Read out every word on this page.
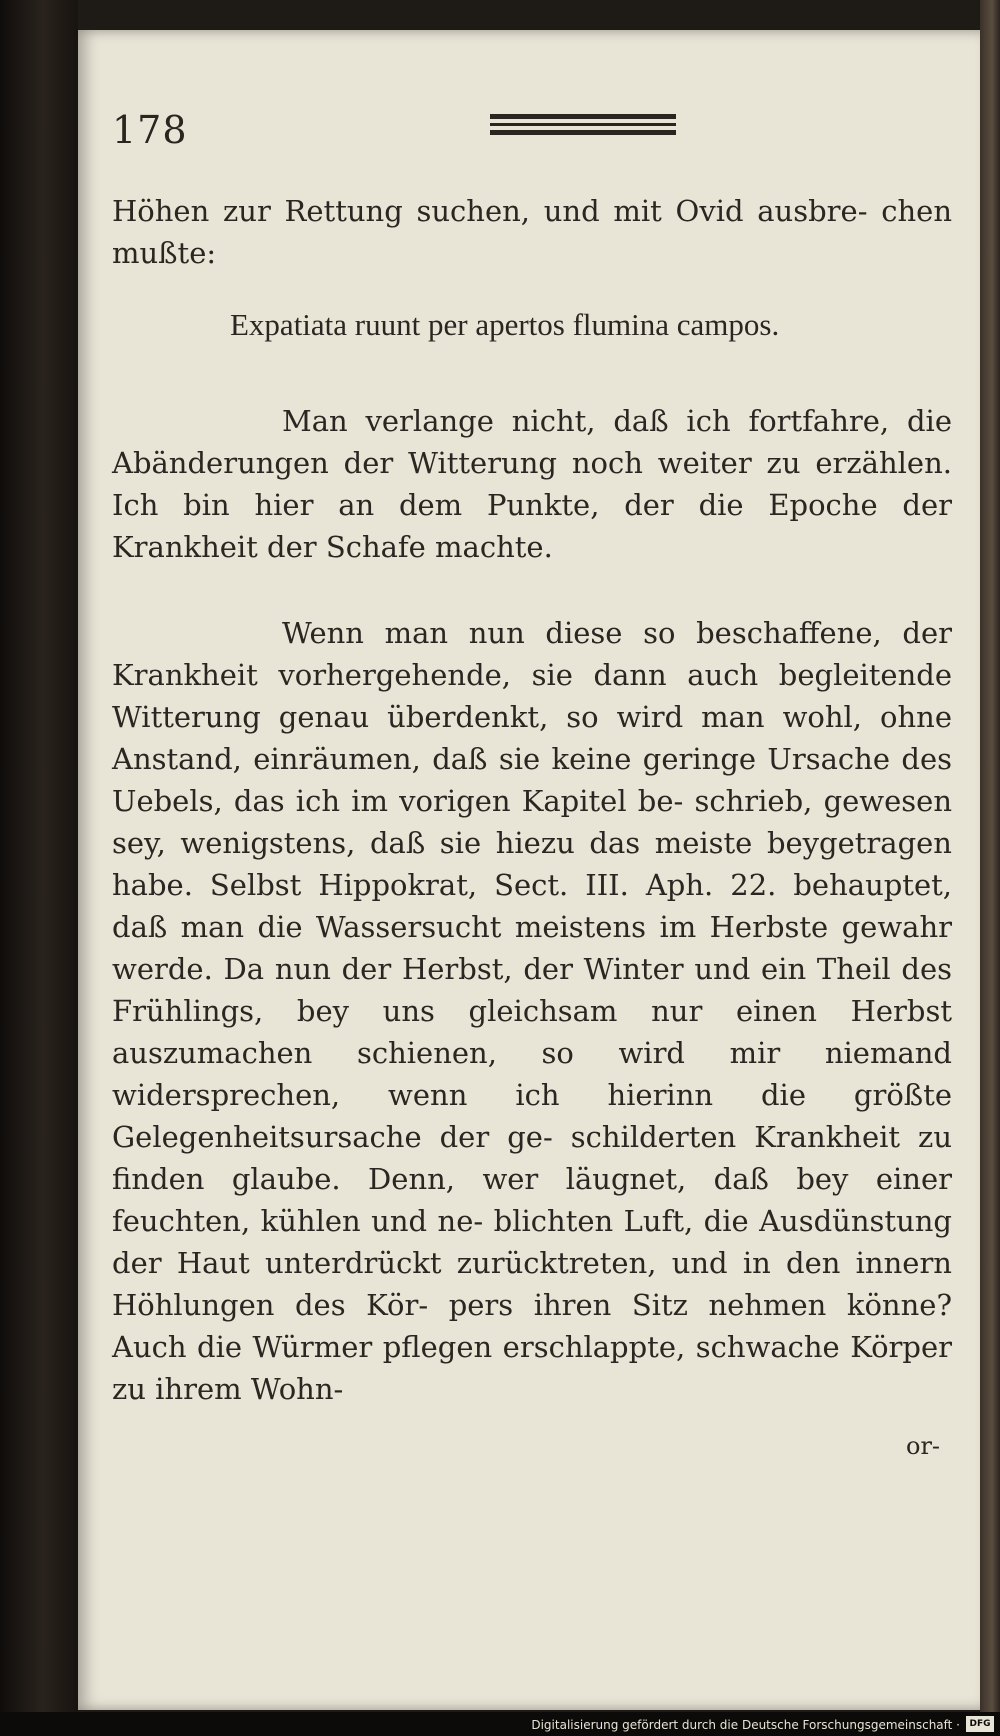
178

Höhen zur Rettung suchen, und mit Ovid ausbre- chen mußte:

Expatiata ruunt per apertos flumina campos.

Man verlange nicht, daß ich fortfahre, die Abänderungen der Witterung noch weiter zu erzählen. Ich bin hier an dem Punkte, der die Epoche der Krankheit der Schafe machte.

Wenn man nun diese so beschaffene, der Krankheit vorhergehende, sie dann auch begleitende Witterung genau überdenkt, so wird man wohl, ohne Anstand, einräumen, daß sie keine geringe Ursache des Uebels, das ich im vorigen Kapitel be- schrieb, gewesen sey, wenigstens, daß sie hiezu das meiste beygetragen habe. Selbst Hippokrat, Sect. III. Aph. 22. behauptet, daß man die Wassersucht meistens im Herbste gewahr werde. Da nun der Herbst, der Winter und ein Theil des Frühlings, bey uns gleichsam nur einen Herbst auszumachen schienen, so wird mir niemand widersprechen, wenn ich hierinn die größte Gelegenheitsursache der ge- schilderten Krankheit zu finden glaube. Denn, wer läugnet, daß bey einer feuchten, kühlen und ne- blichten Luft, die Ausdünstung der Haut unterdrückt zurücktreten, und in den innern Höhlungen des Kör- pers ihren Sitz nehmen könne? Auch die Würmer pflegen erschlappte, schwache Körper zu ihrem Wohn-

or-
Digitalisierung gefördert durch die Deutsche Forschungsgemeinschaft ·	DFG
